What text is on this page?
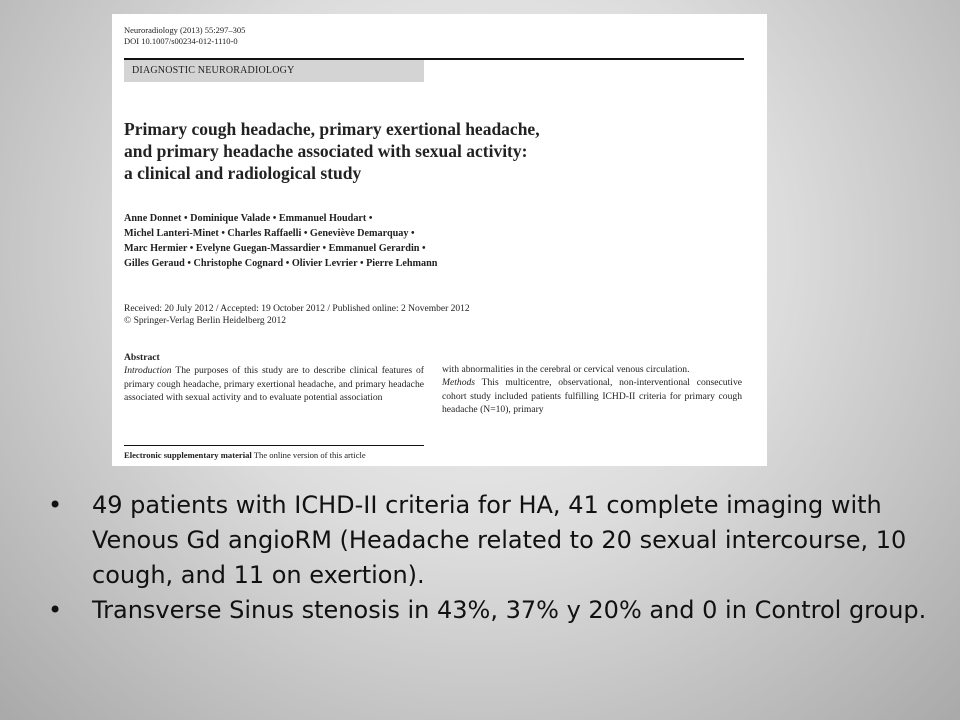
Neuroradiology (2013) 55:297–305
DOI 10.1007/s00234-012-1110-0
DIAGNOSTIC NEURORADIOLOGY
Primary cough headache, primary exertional headache,
and primary headache associated with sexual activity:
a clinical and radiological study
Anne Donnet • Dominique Valade • Emmanuel Houdart •
Michel Lanteri-Minet • Charles Raffaelli • Geneviève Demarquay •
Marc Hermier • Evelyne Guegan-Massardier • Emmanuel Gerardin •
Gilles Geraud • Christophe Cognard • Olivier Levrier • Pierre Lehmann
Received: 20 July 2012 / Accepted: 19 October 2012 / Published online: 2 November 2012
© Springer-Verlag Berlin Heidelberg 2012
Abstract
Introduction The purposes of this study are to describe clinical features of primary cough headache, primary exertional headache, and primary headache associated with sexual activity and to evaluate potential association
with abnormalities in the cerebral or cervical venous circulation.
Methods This multicentre, observational, non-interventional consecutive cohort study included patients fulfilling ICHD-II criteria for primary cough headache (N=10), primary
Electronic supplementary material The online version of this article
• 49 patients with ICHD-II criteria for HA, 41 complete imaging with Venous Gd angioRM (Headache related to 20 sexual intercourse, 10 cough, and 11 on exertion).
• Transverse Sinus stenosis in 43%, 37% y 20% and 0 in Control group.
